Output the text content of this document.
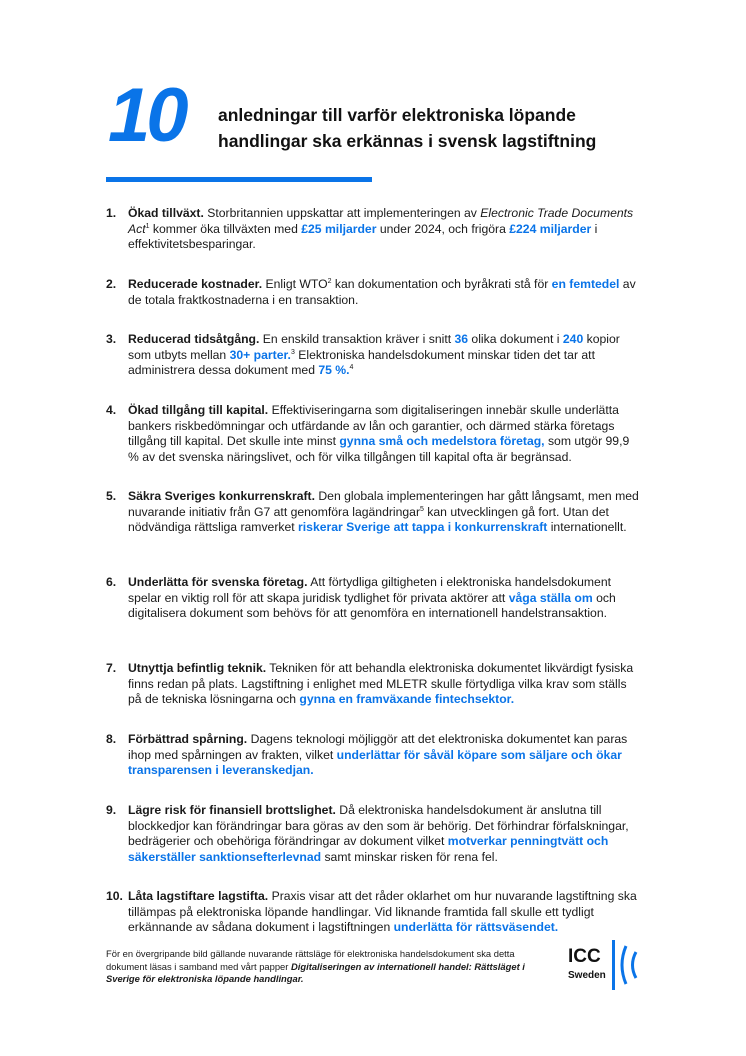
10 anledningar till varför elektroniska löpande
handlingar ska erkännas i svensk lagstiftning
1. Ökad tillväxt. Storbritannien uppskattar att implementeringen av Electronic Trade Documents Act$^1$ kommer öka tillväxten med £25 miljarder under 2024, och frigöra £224 miljarder i effektivitetsbesparingar.
2. Reducerade kostnader. Enligt WTO$^2$ kan dokumentation och byråkrati stå för en femtedel av de totala fraktkostnaderna i en transaktion.
3. Reducerad tidsåtgång. En enskild transaktion kräver i snitt 36 olika dokument i 240 kopior som utbyts mellan 30+ parter.$^3$ Elektroniska handelsdokument minskar tiden det tar att administrera dessa dokument med 75 %.$^4$
4. Ökad tillgång till kapital. Effektiviseringarna som digitaliseringen innebär skulle underlätta bankers riskbedömningar och utfärdande av lån och garantier, och därmed stärka företags tillgång till kapital. Det skulle inte minst gynna små och medelstora företag, som utgör 99,9 % av det svenska näringslivet, och för vilka tillgången till kapital ofta är begränsad.
5. Säkra Sveriges konkurrenskraft. Den globala implementeringen har gått långsamt, men med nuvarande initiativ från G7 att genomföra lagändringar$^5$ kan utvecklingen gå fort. Utan det nödvändiga rättsliga ramverket riskerar Sverige att tappa i konkurrenskraft internationellt.
6. Underlätta för svenska företag. Att förtydliga giltigheten i elektroniska handelsdokument spelar en viktig roll för att skapa juridisk tydlighet för privata aktörer att våga ställa om och digitalisera dokument som behövs för att genomföra en internationell handelstransaktion.
7. Utnyttja befintlig teknik. Tekniken för att behandla elektroniska dokumentet likvärdigt fysiska finns redan på plats. Lagstiftning i enlighet med MLETR skulle förtydliga vilka krav som ställs på de tekniska lösningarna och gynna en framväxande fintechsektor.
8. Förbättrad spårning. Dagens teknologi möjliggör att det elektroniska dokumentet kan paras ihop med spårningen av frakten, vilket underlättar för såväl köpare som säljare och ökar transparensen i leveranskedjan.
9. Lägre risk för finansiell brottslighet. Då elektroniska handelsdokument är anslutna till blockkedjor kan förändringar bara göras av den som är behörig. Det förhindrar förfalskningar, bedrägerier och obehöriga förändringar av dokument vilket motverkar penningtvätt och säkerställer sanktionsefterlevnad samt minskar risken för rena fel.
10. Låta lagstiftare lagstifta. Praxis visar att det råder oklarhet om hur nuvarande lagstiftning ska tillämpas på elektroniska löpande handlingar. Vid liknande framtida fall skulle ett tydligt erkännande av sådana dokument i lagstiftningen underlätta för rättsväsendet.
För en övergripande bild gällande nuvarande rättsläge för elektroniska handelsdokument ska detta dokument läsas i samband med vårt papper Digitaliseringen av internationell handel: Rättsläget i Sverige för elektroniska löpande handlingar.
ICC
Sweden
